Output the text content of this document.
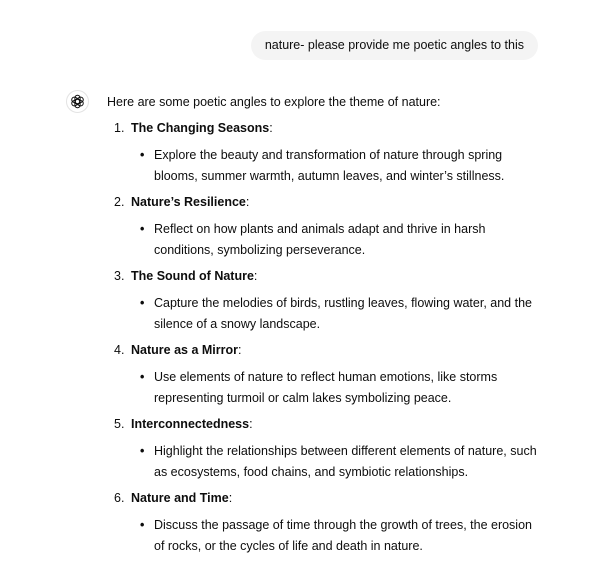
nature- please provide me poetic angles to this

Here are some poetic angles to explore the theme of nature:

1. The Changing Seasons:
• Explore the beauty and transformation of nature through spring blooms, summer warmth, autumn leaves, and winter’s stillness.
2. Nature’s Resilience:
• Reflect on how plants and animals adapt and thrive in harsh conditions, symbolizing perseverance.
3. The Sound of Nature:
• Capture the melodies of birds, rustling leaves, flowing water, and the silence of a snowy landscape.
4. Nature as a Mirror:
• Use elements of nature to reflect human emotions, like storms representing turmoil or calm lakes symbolizing peace.
5. Interconnectedness:
• Highlight the relationships between different elements of nature, such as ecosystems, food chains, and symbiotic relationships.
6. Nature and Time:
• Discuss the passage of time through the growth of trees, the erosion of rocks, or the cycles of life and death in nature.
